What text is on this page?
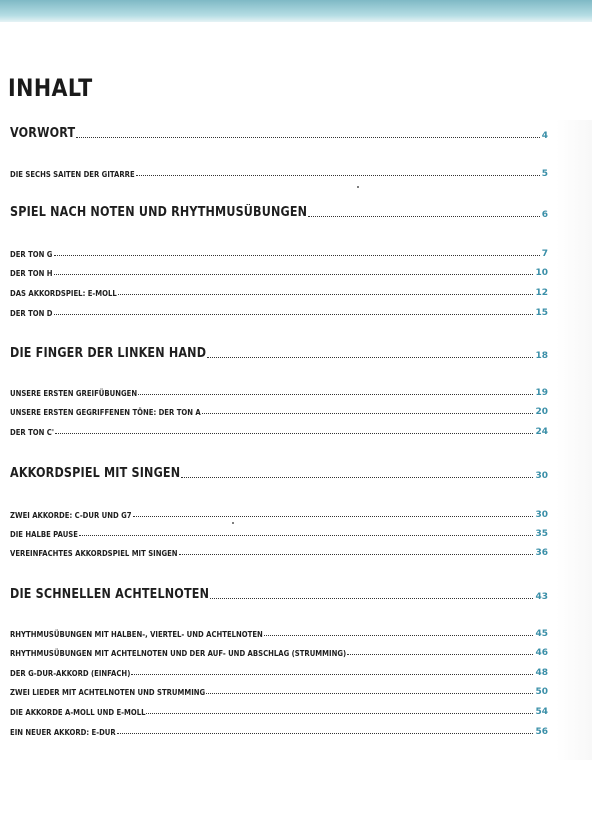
INHALT
VORWORT	4
DIE SECHS SAITEN DER GITARRE	5
SPIEL NACH NOTEN UND RHYTHMUSÜBUNGEN	6
DER TON G	7
DER TON H	10
DAS AKKORDSPIEL: E-MOLL	12
DER TON D	15
DIE FINGER DER LINKEN HAND	18
UNSERE ERSTEN GREIFÜBUNGEN	19
UNSERE ERSTEN GEGRIFFENEN TÖNE: DER TON A	20
DER TON C'	24
AKKORDSPIEL MIT SINGEN	30
ZWEI AKKORDE: C-DUR UND G7	30
DIE HALBE PAUSE	35
VEREINFACHTES AKKORDSPIEL MIT SINGEN	36
DIE SCHNELLEN ACHTELNOTEN	43
RHYTHMUSÜBUNGEN MIT HALBEN-, VIERTEL- UND ACHTELNOTEN	45
RHYTHMUSÜBUNGEN MIT ACHTELNOTEN UND DER AUF- UND ABSCHLAG (STRUMMING)	46
DER G-DUR-AKKORD (EINFACH)	48
ZWEI LIEDER MIT ACHTELNOTEN UND STRUMMING	50
DIE AKKORDE A-MOLL UND E-MOLL	54
EIN NEUER AKKORD: E-DUR	56
